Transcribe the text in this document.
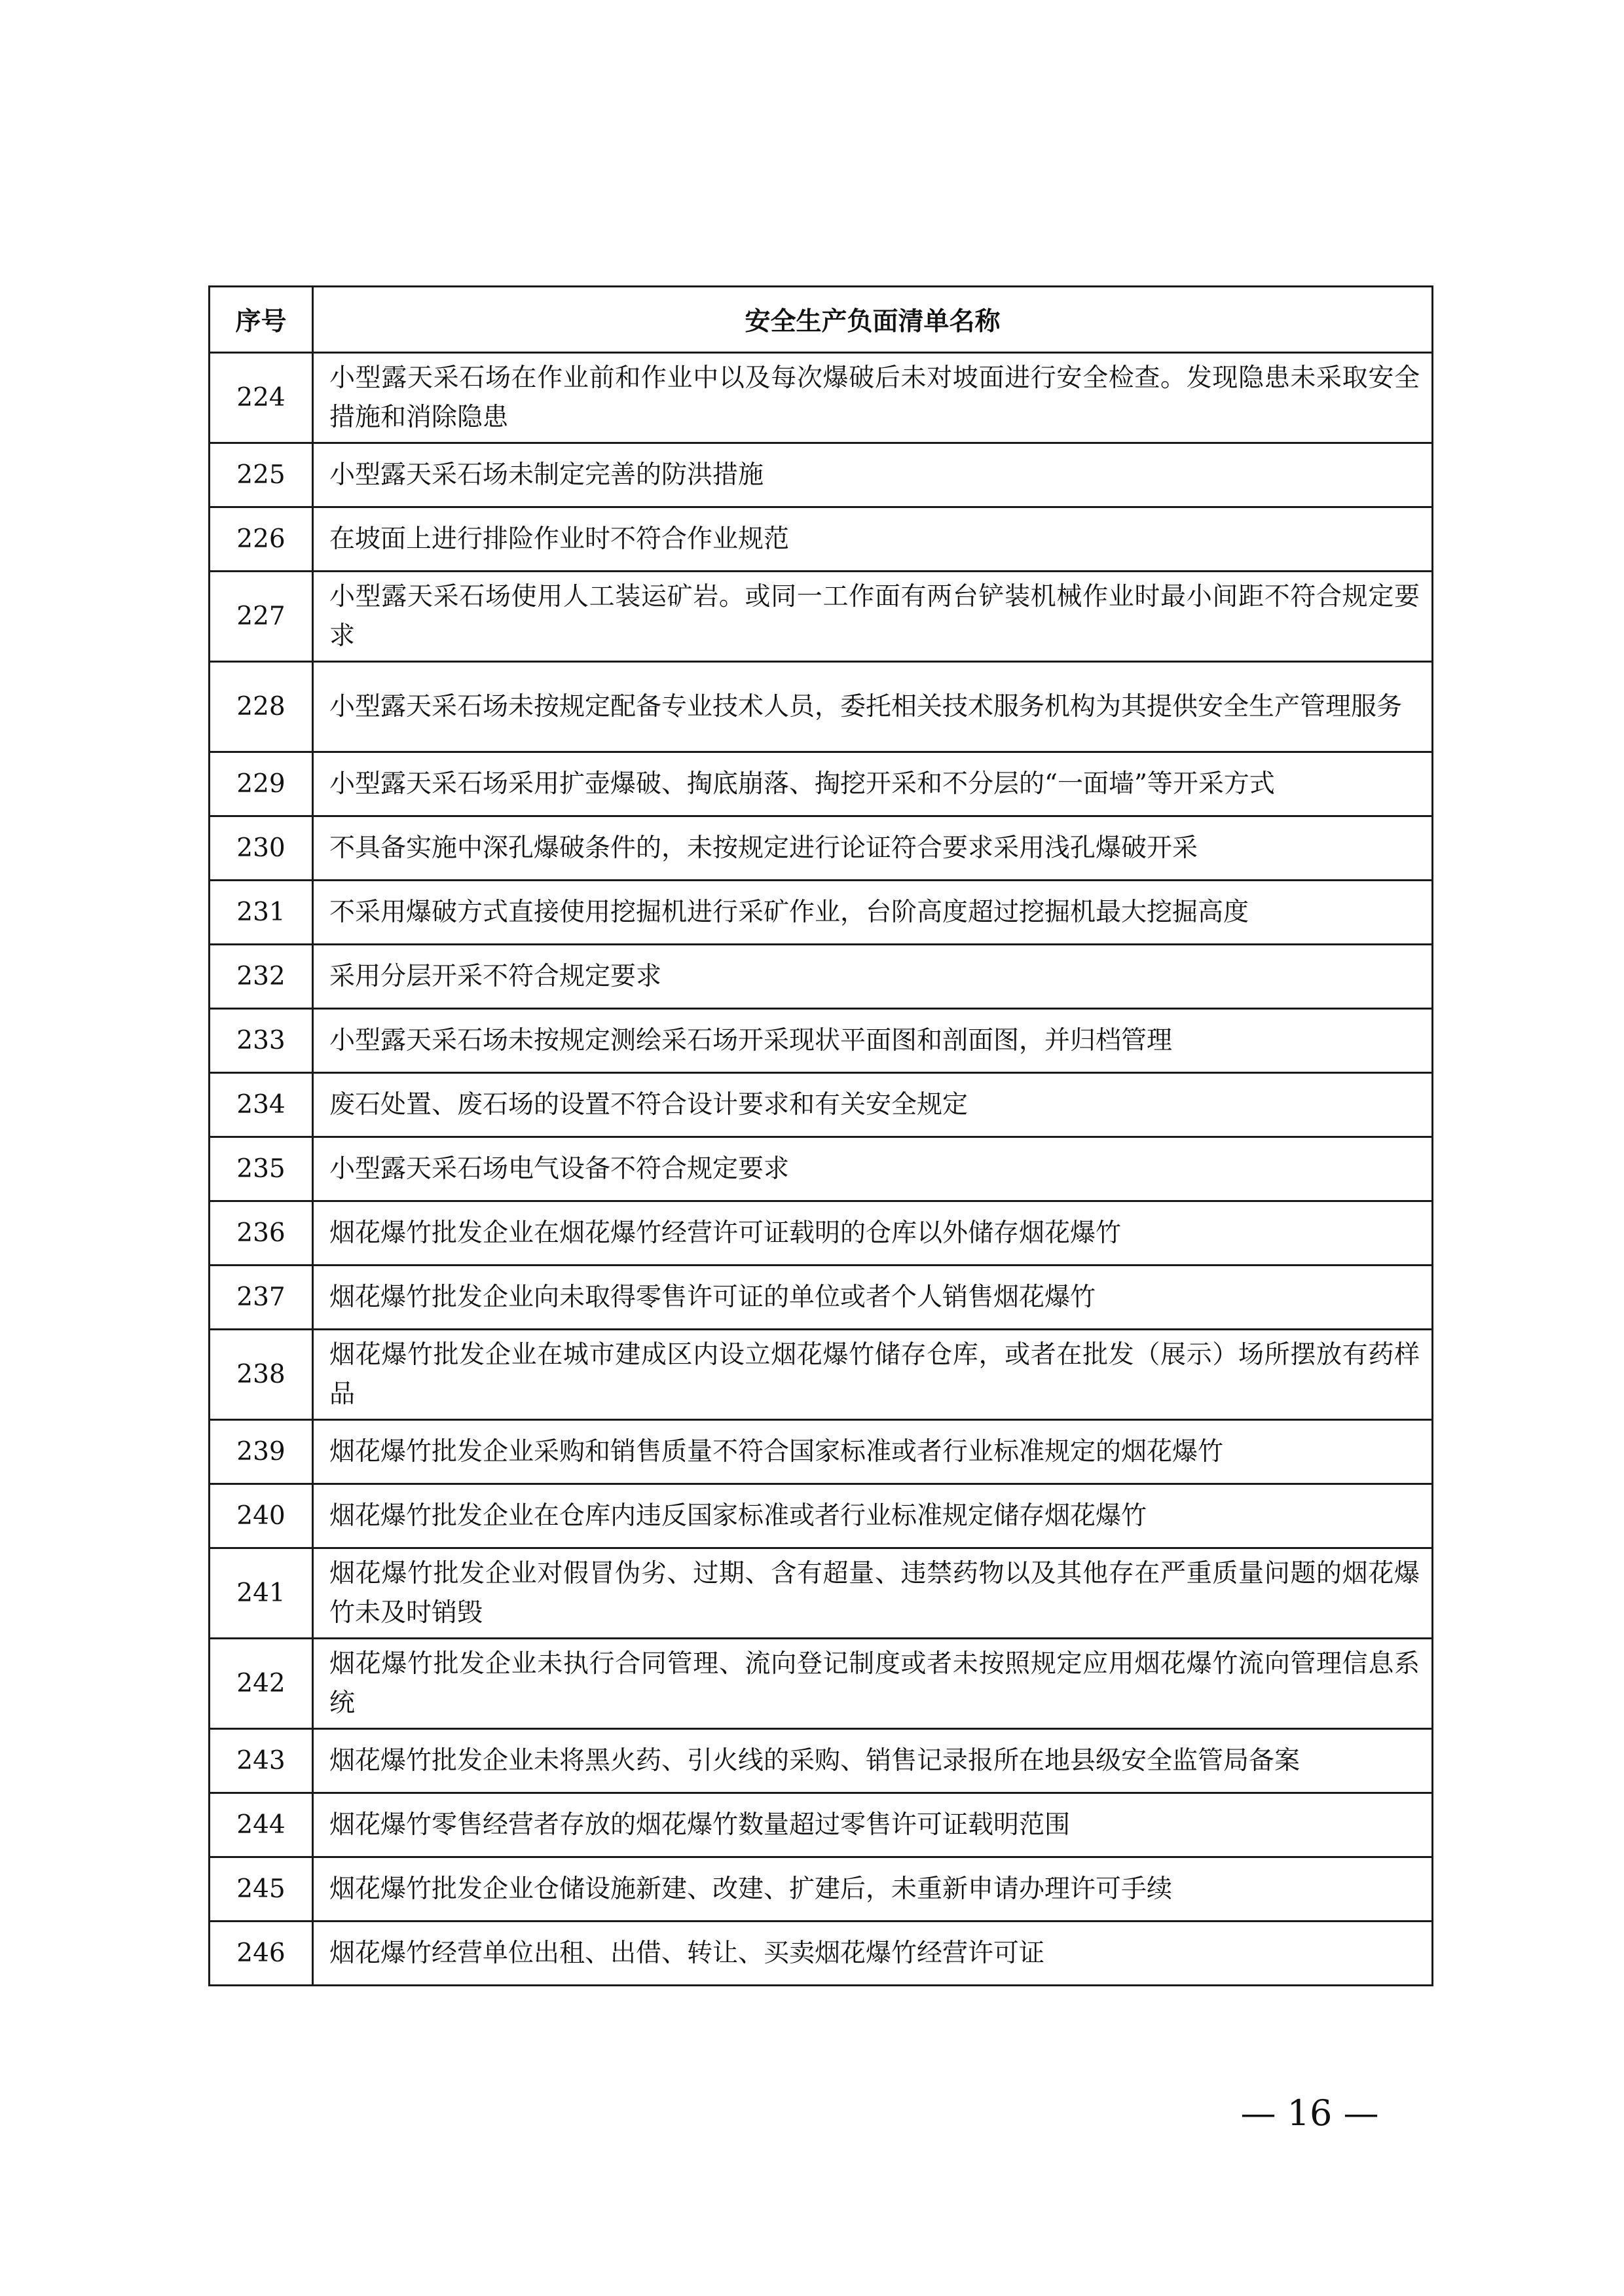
序号	安全生产负面清单名称
224	小型露天采石场在作业前和作业中以及每次爆破后未对坡面进行安全检查。发现隐患未采取安全措施和消除隐患
225	小型露天采石场未制定完善的防洪措施
226	在坡面上进行排险作业时不符合作业规范
227	小型露天采石场使用人工装运矿岩。或同一工作面有两台铲装机械作业时最小间距不符合规定要求
228	小型露天采石场未按规定配备专业技术人员，委托相关技术服务机构为其提供安全生产管理服务
229	小型露天采石场采用扩壶爆破、掏底崩落、掏挖开采和不分层的“一面墙”等开采方式
230	不具备实施中深孔爆破条件的，未按规定进行论证符合要求采用浅孔爆破开采
231	不采用爆破方式直接使用挖掘机进行采矿作业，台阶高度超过挖掘机最大挖掘高度
232	采用分层开采不符合规定要求
233	小型露天采石场未按规定测绘采石场开采现状平面图和剖面图，并归档管理
234	废石处置、废石场的设置不符合设计要求和有关安全规定
235	小型露天采石场电气设备不符合规定要求
236	烟花爆竹批发企业在烟花爆竹经营许可证载明的仓库以外储存烟花爆竹
237	烟花爆竹批发企业向未取得零售许可证的单位或者个人销售烟花爆竹
238	烟花爆竹批发企业在城市建成区内设立烟花爆竹储存仓库，或者在批发（展示）场所摆放有药样品
239	烟花爆竹批发企业采购和销售质量不符合国家标准或者行业标准规定的烟花爆竹
240	烟花爆竹批发企业在仓库内违反国家标准或者行业标准规定储存烟花爆竹
241	烟花爆竹批发企业对假冒伪劣、过期、含有超量、违禁药物以及其他存在严重质量问题的烟花爆竹未及时销毁
242	烟花爆竹批发企业未执行合同管理、流向登记制度或者未按照规定应用烟花爆竹流向管理信息系统
243	烟花爆竹批发企业未将黑火药、引火线的采购、销售记录报所在地县级安全监管局备案
244	烟花爆竹零售经营者存放的烟花爆竹数量超过零售许可证载明范围
245	烟花爆竹批发企业仓储设施新建、改建、扩建后，未重新申请办理许可手续
246	烟花爆竹经营单位出租、出借、转让、买卖烟花爆竹经营许可证
— 16 —
